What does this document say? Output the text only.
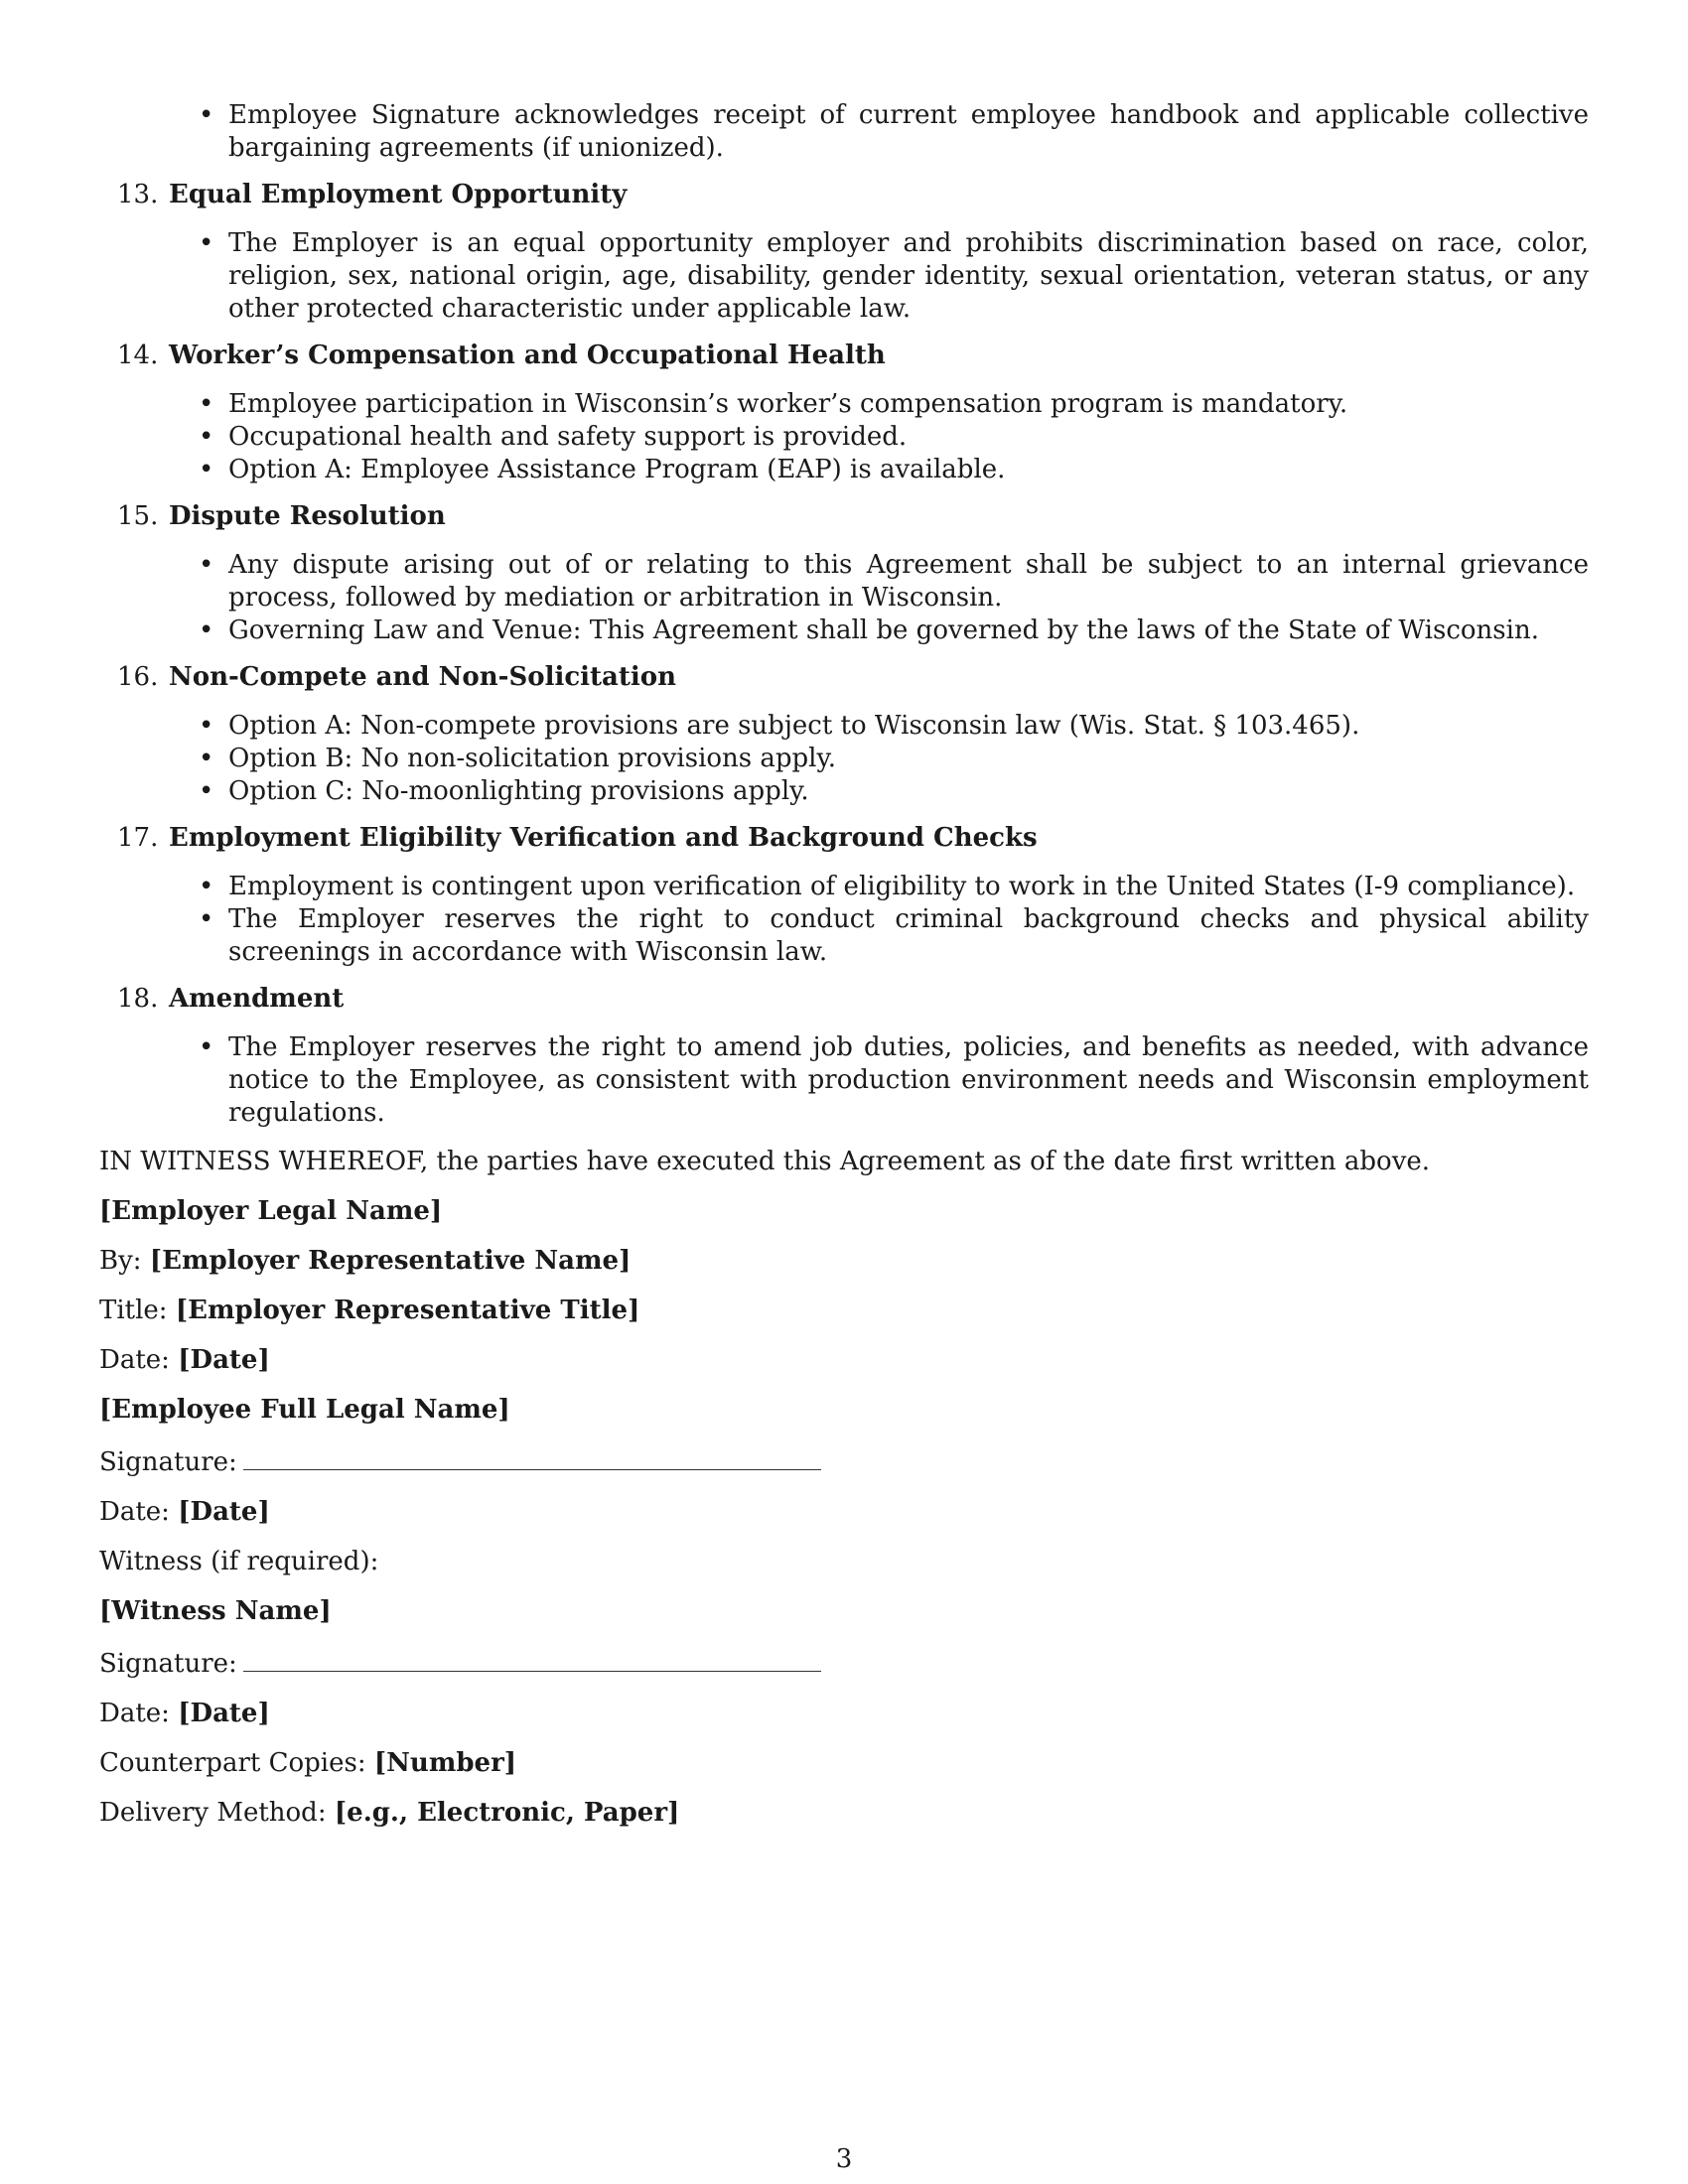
• Employee Signature acknowledges receipt of current employee handbook and applicable collective bargaining agreements (if unionized).
13. Equal Employment Opportunity
• The Employer is an equal opportunity employer and prohibits discrimination based on race, color, religion, sex, national origin, age, disability, gender identity, sexual orientation, veteran status, or any other protected characteristic under applicable law.
14. Worker’s Compensation and Occupational Health
• Employee participation in Wisconsin’s worker’s compensation program is mandatory.
• Occupational health and safety support is provided.
• Option A: Employee Assistance Program (EAP) is available.
15. Dispute Resolution
• Any dispute arising out of or relating to this Agreement shall be subject to an internal grievance process, followed by mediation or arbitration in Wisconsin.
• Governing Law and Venue: This Agreement shall be governed by the laws of the State of Wisconsin.
16. Non-Compete and Non-Solicitation
• Option A: Non-compete provisions are subject to Wisconsin law (Wis. Stat. § 103.465).
• Option B: No non-solicitation provisions apply.
• Option C: No-moonlighting provisions apply.
17. Employment Eligibility Verification and Background Checks
• Employment is contingent upon verification of eligibility to work in the United States (I-9 compliance).
• The Employer reserves the right to conduct criminal background checks and physical ability screenings in accordance with Wisconsin law.
18. Amendment
• The Employer reserves the right to amend job duties, policies, and benefits as needed, with advance notice to the Employee, as consistent with production environment needs and Wisconsin employment regulations.
IN WITNESS WHEREOF, the parties have executed this Agreement as of the date first written above.
[Employer Legal Name]
By: [Employer Representative Name]
Title: [Employer Representative Title]
Date: [Date]
[Employee Full Legal Name]
Signature:
Date: [Date]
Witness (if required):
[Witness Name]
Signature:
Date: [Date]
Counterpart Copies: [Number]
Delivery Method: [e.g., Electronic, Paper]
3
